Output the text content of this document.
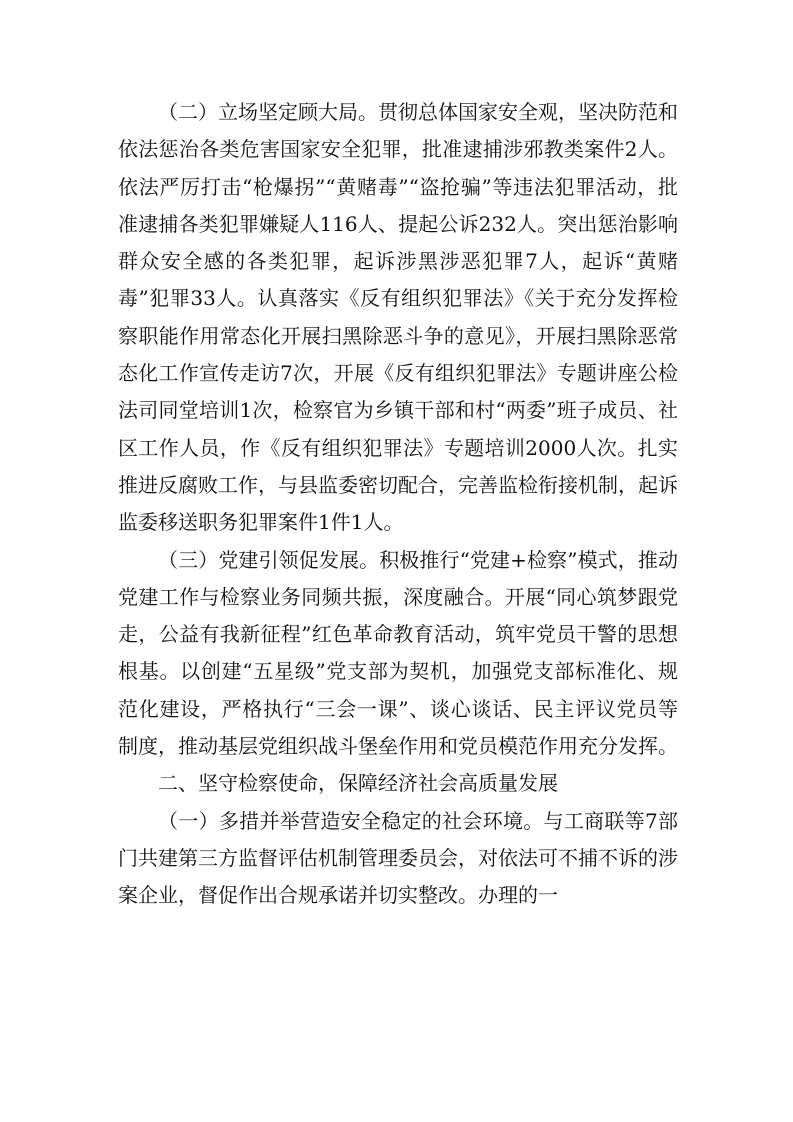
（二）立场坚定顾大局。贯彻总体国家安全观，坚决防范和依法惩治各类危害国家安全犯罪，批准逮捕涉邪教类案件2人。依法严厉打击“枪爆拐”“黄赌毒”“盗抢骗”等违法犯罪活动，批准逮捕各类犯罪嫌疑人116人、提起公诉232人。突出惩治影响群众安全感的各类犯罪，起诉涉黑涉恶犯罪7人，起诉“黄赌毒”犯罪33人。认真落实《反有组织犯罪法》《关于充分发挥检察职能作用常态化开展扫黑除恶斗争的意见》，开展扫黑除恶常态化工作宣传走访7次，开展《反有组织犯罪法》专题讲座公检法司同堂培训1次，检察官为乡镇干部和村“两委”班子成员、社区工作人员，作《反有组织犯罪法》专题培训2000人次。扎实推进反腐败工作，与县监委密切配合，完善监检衔接机制，起诉监委移送职务犯罪案件1件1人。

（三）党建引领促发展。积极推行“党建+检察”模式，推动党建工作与检察业务同频共振，深度融合。开展“同心筑梦跟党走，公益有我新征程”红色革命教育活动，筑牢党员干警的思想根基。以创建“五星级”党支部为契机，加强党支部标准化、规范化建设，严格执行“三会一课”、谈心谈话、民主评议党员等制度，推动基层党组织战斗堡垒作用和党员模范作用充分发挥。

二、坚守检察使命，保障经济社会高质量发展

（一）多措并举营造安全稳定的社会环境。与工商联等7部门共建第三方监督评估机制管理委员会，对依法可不捕不诉的涉案企业，督促作出合规承诺并切实整改。办理的一
